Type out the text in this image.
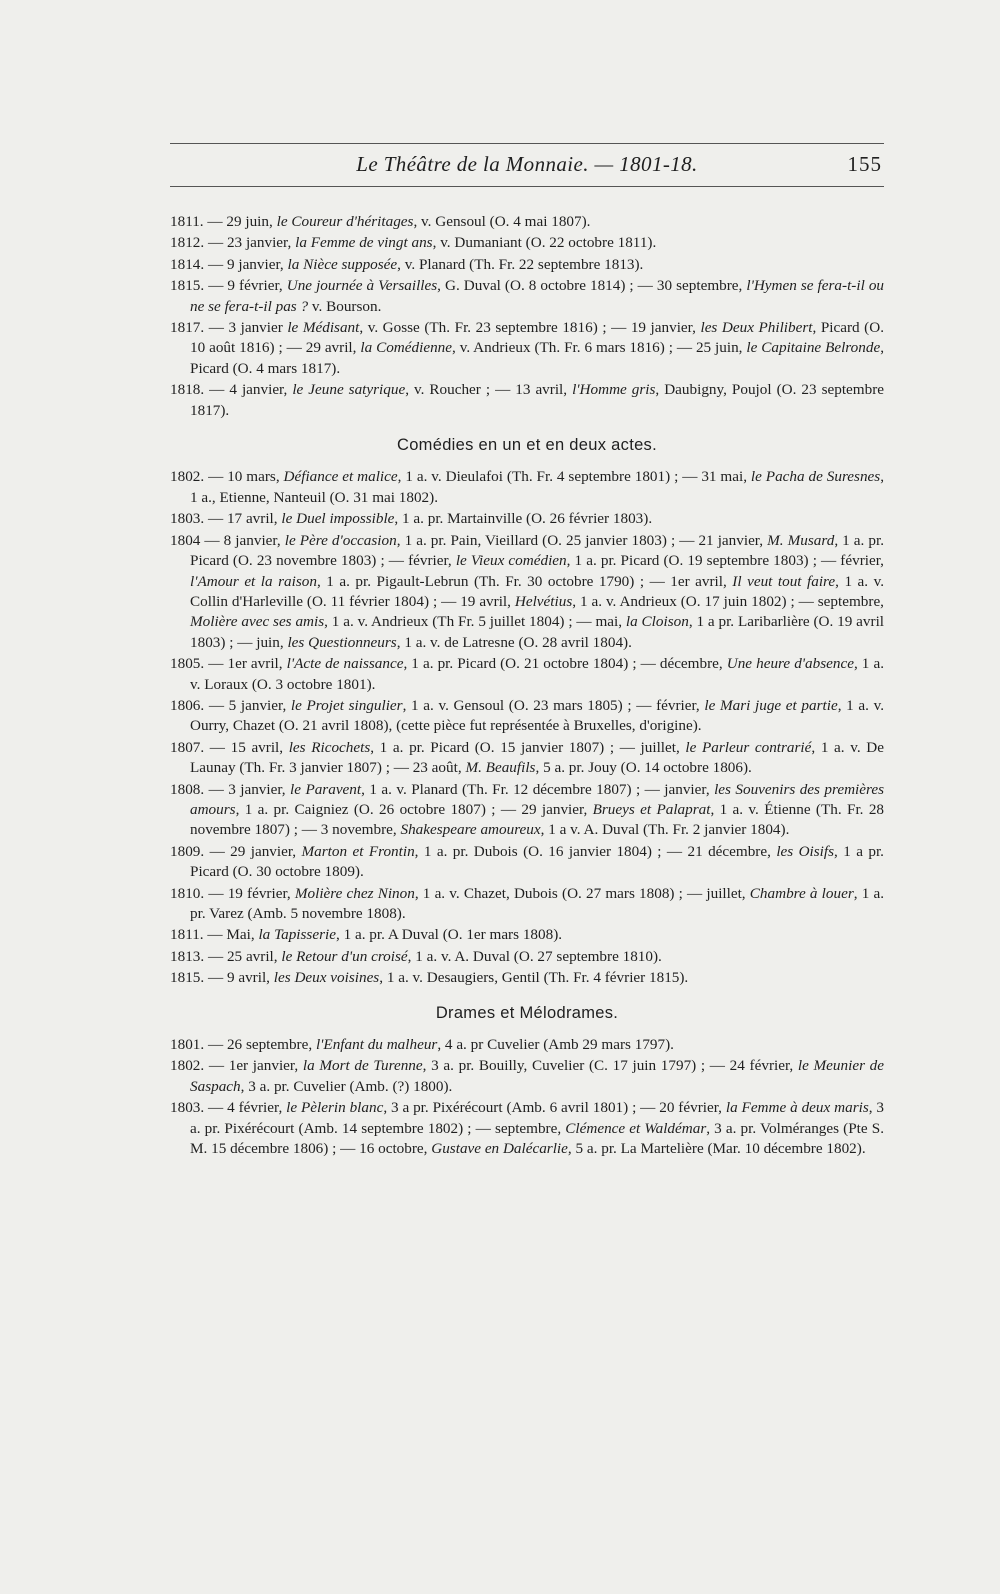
Le Théâtre de la Monnaie. — 1801-18.	155

1811. — 29 juin, le Coureur d'héritages, v. Gensoul (O. 4 mai 1807).

1812. — 23 janvier, la Femme de vingt ans, v. Dumaniant (O. 22 octobre 1811).

1814. — 9 janvier, la Nièce supposée, v. Planard (Th. Fr. 22 septembre 1813).

1815. — 9 février, Une journée à Versailles, G. Duval (O. 8 octobre 1814) ; — 30 septembre, l'Hymen se fera-t-il ou ne se fera-t-il pas ? v. Bourson.

1817. — 3 janvier le Médisant, v. Gosse (Th. Fr. 23 septembre 1816) ; — 19 janvier, les Deux Philibert, Picard (O. 10 août 1816) ; — 29 avril, la Comédienne, v. Andrieux (Th. Fr. 6 mars 1816) ; — 25 juin, le Capitaine Belronde, Picard (O. 4 mars 1817).

1818. — 4 janvier, le Jeune satyrique, v. Roucher ; — 13 avril, l'Homme gris, Daubigny, Poujol (O. 23 septembre 1817).

Comédies en un et en deux actes.

1802. — 10 mars, Défiance et malice, 1 a. v. Dieulafoi (Th. Fr. 4 septembre 1801) ; — 31 mai, le Pacha de Suresnes, 1 a., Etienne, Nanteuil (O. 31 mai 1802).

1803. — 17 avril, le Duel impossible, 1 a. pr. Martainville (O. 26 février 1803).

1804 — 8 janvier, le Père d'occasion, 1 a. pr. Pain, Vieillard (O. 25 janvier 1803) ; — 21 janvier, M. Musard, 1 a. pr. Picard (O. 23 novembre 1803) ; — février, le Vieux comédien, 1 a. pr. Picard (O. 19 septembre 1803) ; — février, l'Amour et la raison, 1 a. pr. Pigault-Lebrun (Th. Fr. 30 octobre 1790) ; — 1er avril, Il veut tout faire, 1 a. v. Collin d'Harleville (O. 11 février 1804) ; — 19 avril, Helvétius, 1 a. v. Andrieux (O. 17 juin 1802) ; — septembre, Molière avec ses amis, 1 a. v. Andrieux (Th Fr. 5 juillet 1804) ; — mai, la Cloison, 1 a pr. Laribarlière (O. 19 avril 1803) ; — juin, les Questionneurs, 1 a. v. de Latresne (O. 28 avril 1804).

1805. — 1er avril, l'Acte de naissance, 1 a. pr. Picard (O. 21 octobre 1804) ; — décembre, Une heure d'absence, 1 a. v. Loraux (O. 3 octobre 1801).

1806. — 5 janvier, le Projet singulier, 1 a. v. Gensoul (O. 23 mars 1805) ; — février, le Mari juge et partie, 1 a. v. Ourry, Chazet (O. 21 avril 1808), (cette pièce fut représentée à Bruxelles, d'origine).

1807. — 15 avril, les Ricochets, 1 a. pr. Picard (O. 15 janvier 1807) ; — juillet, le Parleur contrarié, 1 a. v. De Launay (Th. Fr. 3 janvier 1807) ; — 23 août, M. Beaufils, 5 a. pr. Jouy (O. 14 octobre 1806).

1808. — 3 janvier, le Paravent, 1 a. v. Planard (Th. Fr. 12 décembre 1807) ; — janvier, les Souvenirs des premières amours, 1 a. pr. Caigniez (O. 26 octobre 1807) ; — 29 janvier, Brueys et Palaprat, 1 a. v. Étienne (Th. Fr. 28 novembre 1807) ; — 3 novembre, Shakespeare amoureux, 1 a v. A. Duval (Th. Fr. 2 janvier 1804).

1809. — 29 janvier, Marton et Frontin, 1 a. pr. Dubois (O. 16 janvier 1804) ; — 21 décembre, les Oisifs, 1 a pr. Picard (O. 30 octobre 1809).

1810. — 19 février, Molière chez Ninon, 1 a. v. Chazet, Dubois (O. 27 mars 1808) ; — juillet, Chambre à louer, 1 a. pr. Varez (Amb. 5 novembre 1808).

1811. — Mai, la Tapisserie, 1 a. pr. A Duval (O. 1er mars 1808).

1813. — 25 avril, le Retour d'un croisé, 1 a. v. A. Duval (O. 27 septembre 1810).

1815. — 9 avril, les Deux voisines, 1 a. v. Desaugiers, Gentil (Th. Fr. 4 février 1815).

Drames et Mélodrames.

1801. — 26 septembre, l'Enfant du malheur, 4 a. pr Cuvelier (Amb 29 mars 1797).

1802. — 1er janvier, la Mort de Turenne, 3 a. pr. Bouilly, Cuvelier (C. 17 juin 1797) ; — 24 février, le Meunier de Saspach, 3 a. pr. Cuvelier (Amb. (?) 1800).

1803. — 4 février, le Pèlerin blanc, 3 a pr. Pixérécourt (Amb. 6 avril 1801) ; — 20 février, la Femme à deux maris, 3 a. pr. Pixérécourt (Amb. 14 septembre 1802) ; — septembre, Clémence et Waldémar, 3 a. pr. Volméranges (Pte S. M. 15 décembre 1806) ; — 16 octobre, Gustave en Dalécarlie, 5 a. pr. La Martelière (Mar. 10 décembre 1802).
